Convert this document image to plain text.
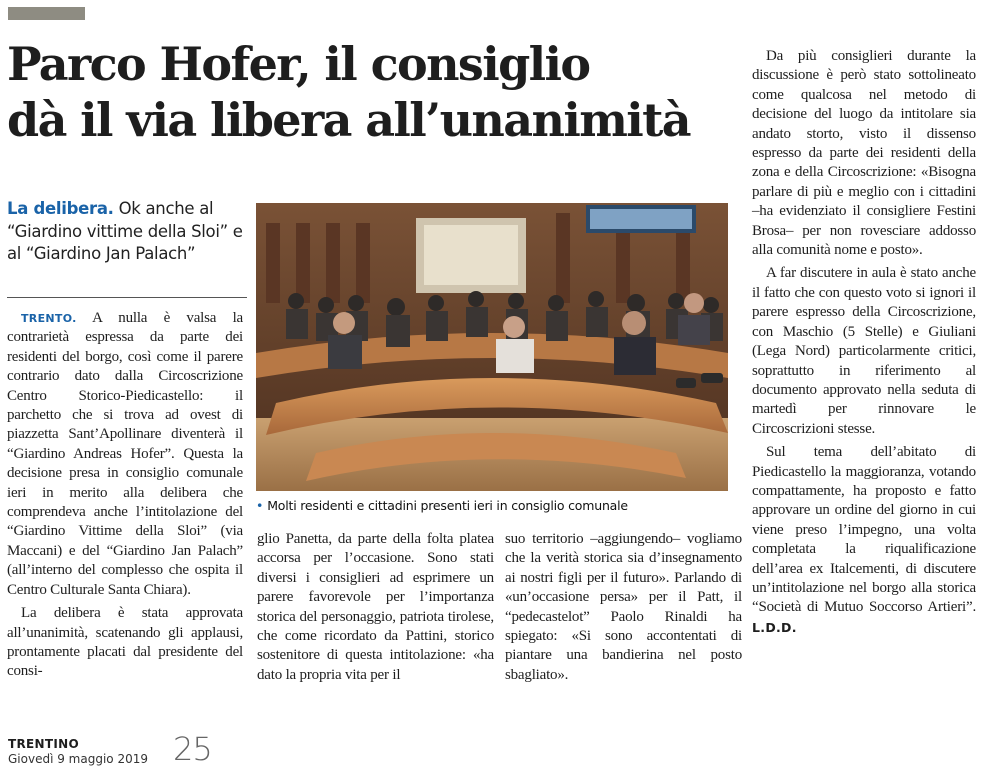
Parco Hofer, il consiglio
dà il via libera all’unanimità
La delibera. Ok anche al “Giardino vittime della Sloi” e al “Giardino Jan Palach”

TRENTO. A nulla è valsa la contrarietà espressa da parte dei residenti del borgo, così come il parere contrario dato dalla Circoscrizione Centro Storico-Piedicastello: il parchetto che si trova ad ovest di piazzetta Sant’Apollinare diventerà il “Giardino Andreas Hofer”. Questa la decisione presa in consiglio comunale ieri in merito alla delibera che comprendeva anche l’intitolazione del “Giardino Vittime della Sloi” (via Maccani) e del “Giardino Jan Palach” (all’interno del complesso che ospita il Centro Culturale Santa Chiara).

La delibera è stata approvata all’unanimità, scatenando gli applausi, prontamente placati dal presidente del consi-

• Molti residenti e cittadini presenti ieri in consiglio comunale

glio Panetta, da parte della folta platea accorsa per l’occasione. Sono stati diversi i consiglieri ad esprimere un parere favorevole per l’importanza storica del personaggio, patriota tirolese, che come ricordato da Pattini, storico sostenitore di questa intitolazione: «ha dato la propria vita per il

suo territorio –aggiungendo– vogliamo che la verità storica sia d’insegnamento ai nostri figli per il futuro». Parlando di «un’occasione persa» per il Patt, il “pedecastelot” Paolo Rinaldi ha spiegato: «Si sono accontentati di piantare una bandierina nel posto sbagliato».

Da più consiglieri durante la discussione è però stato sottolineato come qualcosa nel metodo di decisione del luogo da intitolare sia andato storto, visto il dissenso espresso da parte dei residenti della zona e della Circoscrizione: «Bisogna parlare di più e meglio con i cittadini –ha evidenziato il consigliere Festini Brosa– per non rovesciare addosso alla comunità nome e posto».

A far discutere in aula è stato anche il fatto che con questo voto si ignori il parere espresso della Circoscrizione, con Maschio (5 Stelle) e Giuliani (Lega Nord) particolarmente critici, soprattutto in riferimento al documento approvato nella seduta di martedì per rinnovare le Circoscrizioni stesse.

Sul tema dell’abitato di Piedicastello la maggioranza, votando compattamente, ha proposto e fatto approvare un ordine del giorno in cui viene preso l’impegno, una volta completata la riqualificazione dell’area ex Italcementi, di discutere un’intitolazione nel borgo alla storica “Società di Mutuo Soccorso Artieri”. L.D.D.

TRENTINO
Giovedì 9 maggio 2019 25
